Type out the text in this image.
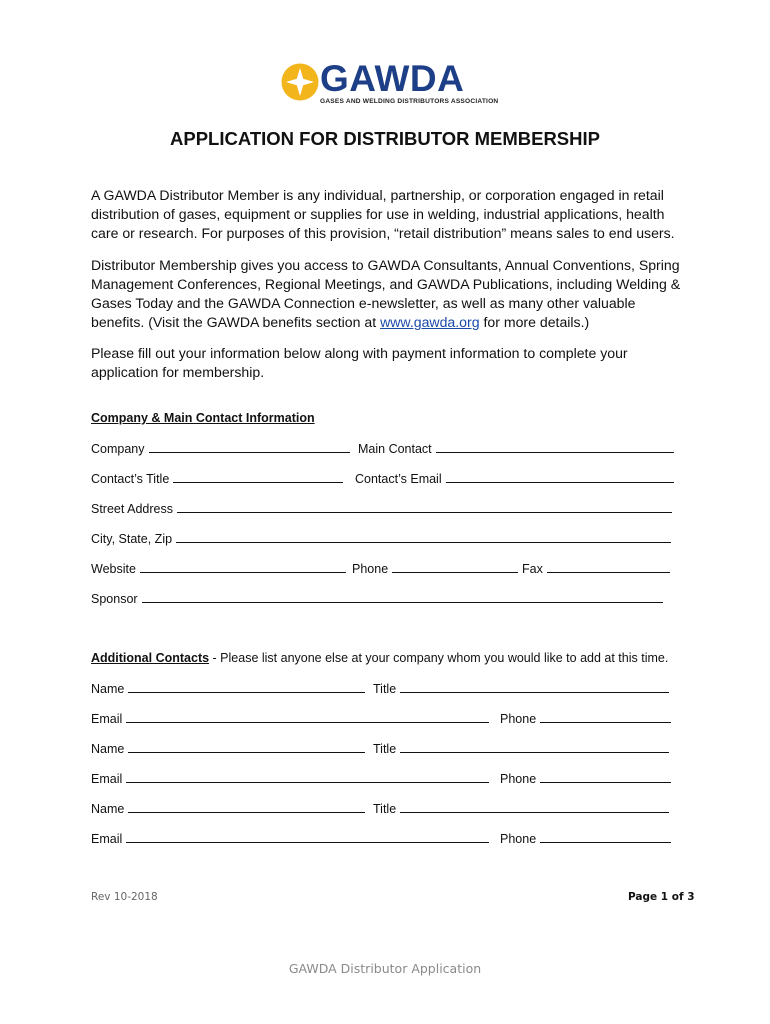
GAWDA
GASES AND WELDING DISTRIBUTORS ASSOCIATION
APPLICATION FOR DISTRIBUTOR MEMBERSHIP
A GAWDA Distributor Member is any individual, partnership, or corporation engaged in retail distribution of gases, equipment or supplies for use in welding, industrial applications, health care or research. For purposes of this provision, “retail distribution” means sales to end users.
Distributor Membership gives you access to GAWDA Consultants, Annual Conventions, Spring Management Conferences, Regional Meetings, and GAWDA Publications, including Welding & Gases Today and the GAWDA Connection e-newsletter, as well as many other valuable benefits. (Visit the GAWDA benefits section at www.gawda.org for more details.)
Please fill out your information below along with payment information to complete your application for membership.
Company & Main Contact Information
Company	Main Contact
Contact’s Title	Contact’s Email
Street Address
City, State, Zip
Website	Phone	Fax
Sponsor
Additional Contacts - Please list anyone else at your company whom you would like to add at this time.
Name	Title
Email	Phone
Name	Title
Email	Phone
Name	Title
Email	Phone
Rev 10-2018	Page 1 of 3
GAWDA Distributor Application
